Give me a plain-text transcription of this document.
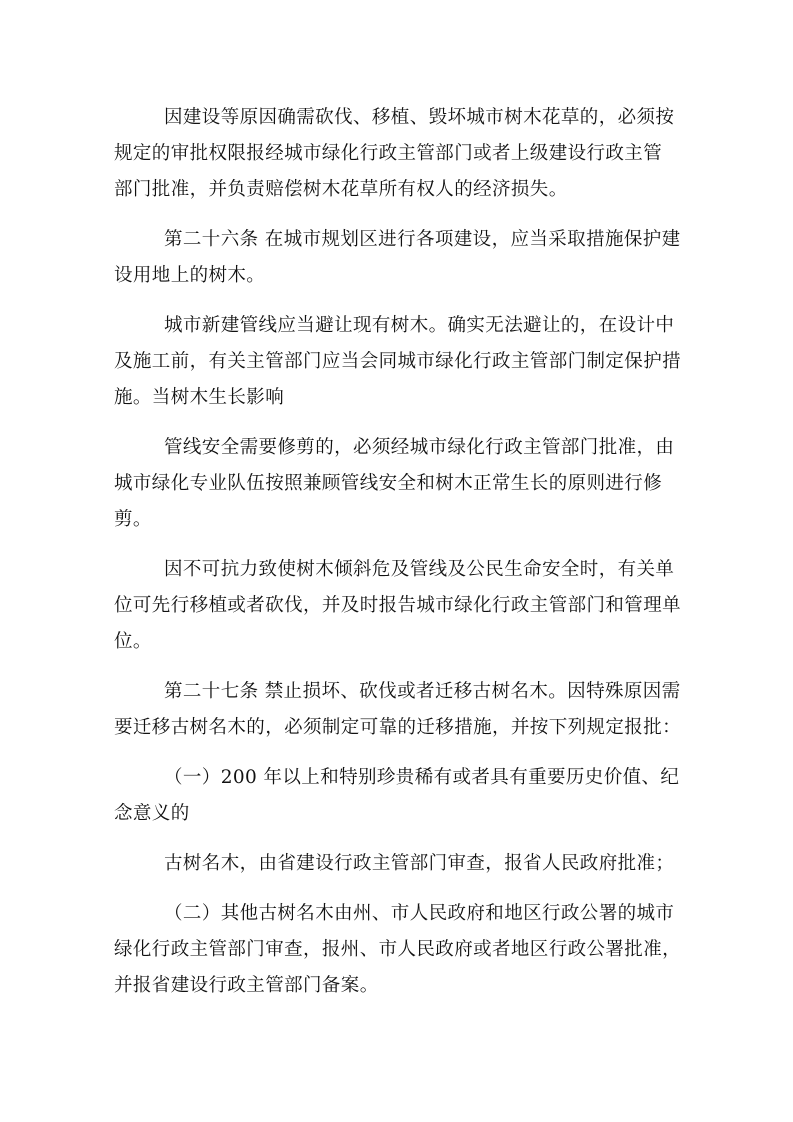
因建设等原因确需砍伐、移植、毁坏城市树木花草的，必须按
规定的审批权限报经城市绿化行政主管部门或者上级建设行政主管
部门批准，并负责赔偿树木花草所有权人的经济损失。
第二十六条 在城市规划区进行各项建设，应当采取措施保护建
设用地上的树木。
城市新建管线应当避让现有树木。确实无法避让的，在设计中
及施工前，有关主管部门应当会同城市绿化行政主管部门制定保护措
施。当树木生长影响
管线安全需要修剪的，必须经城市绿化行政主管部门批准，由
城市绿化专业队伍按照兼顾管线安全和树木正常生长的原则进行修
剪。
因不可抗力致使树木倾斜危及管线及公民生命安全时，有关单
位可先行移植或者砍伐，并及时报告城市绿化行政主管部门和管理单
位。
第二十七条 禁止损坏、砍伐或者迁移古树名木。因特殊原因需
要迁移古树名木的，必须制定可靠的迁移措施，并按下列规定报批：
（一）200 年以上和特别珍贵稀有或者具有重要历史价值、纪
念意义的
古树名木，由省建设行政主管部门审查，报省人民政府批准；
（二）其他古树名木由州、市人民政府和地区行政公署的城市
绿化行政主管部门审查，报州、市人民政府或者地区行政公署批准，
并报省建设行政主管部门备案。
